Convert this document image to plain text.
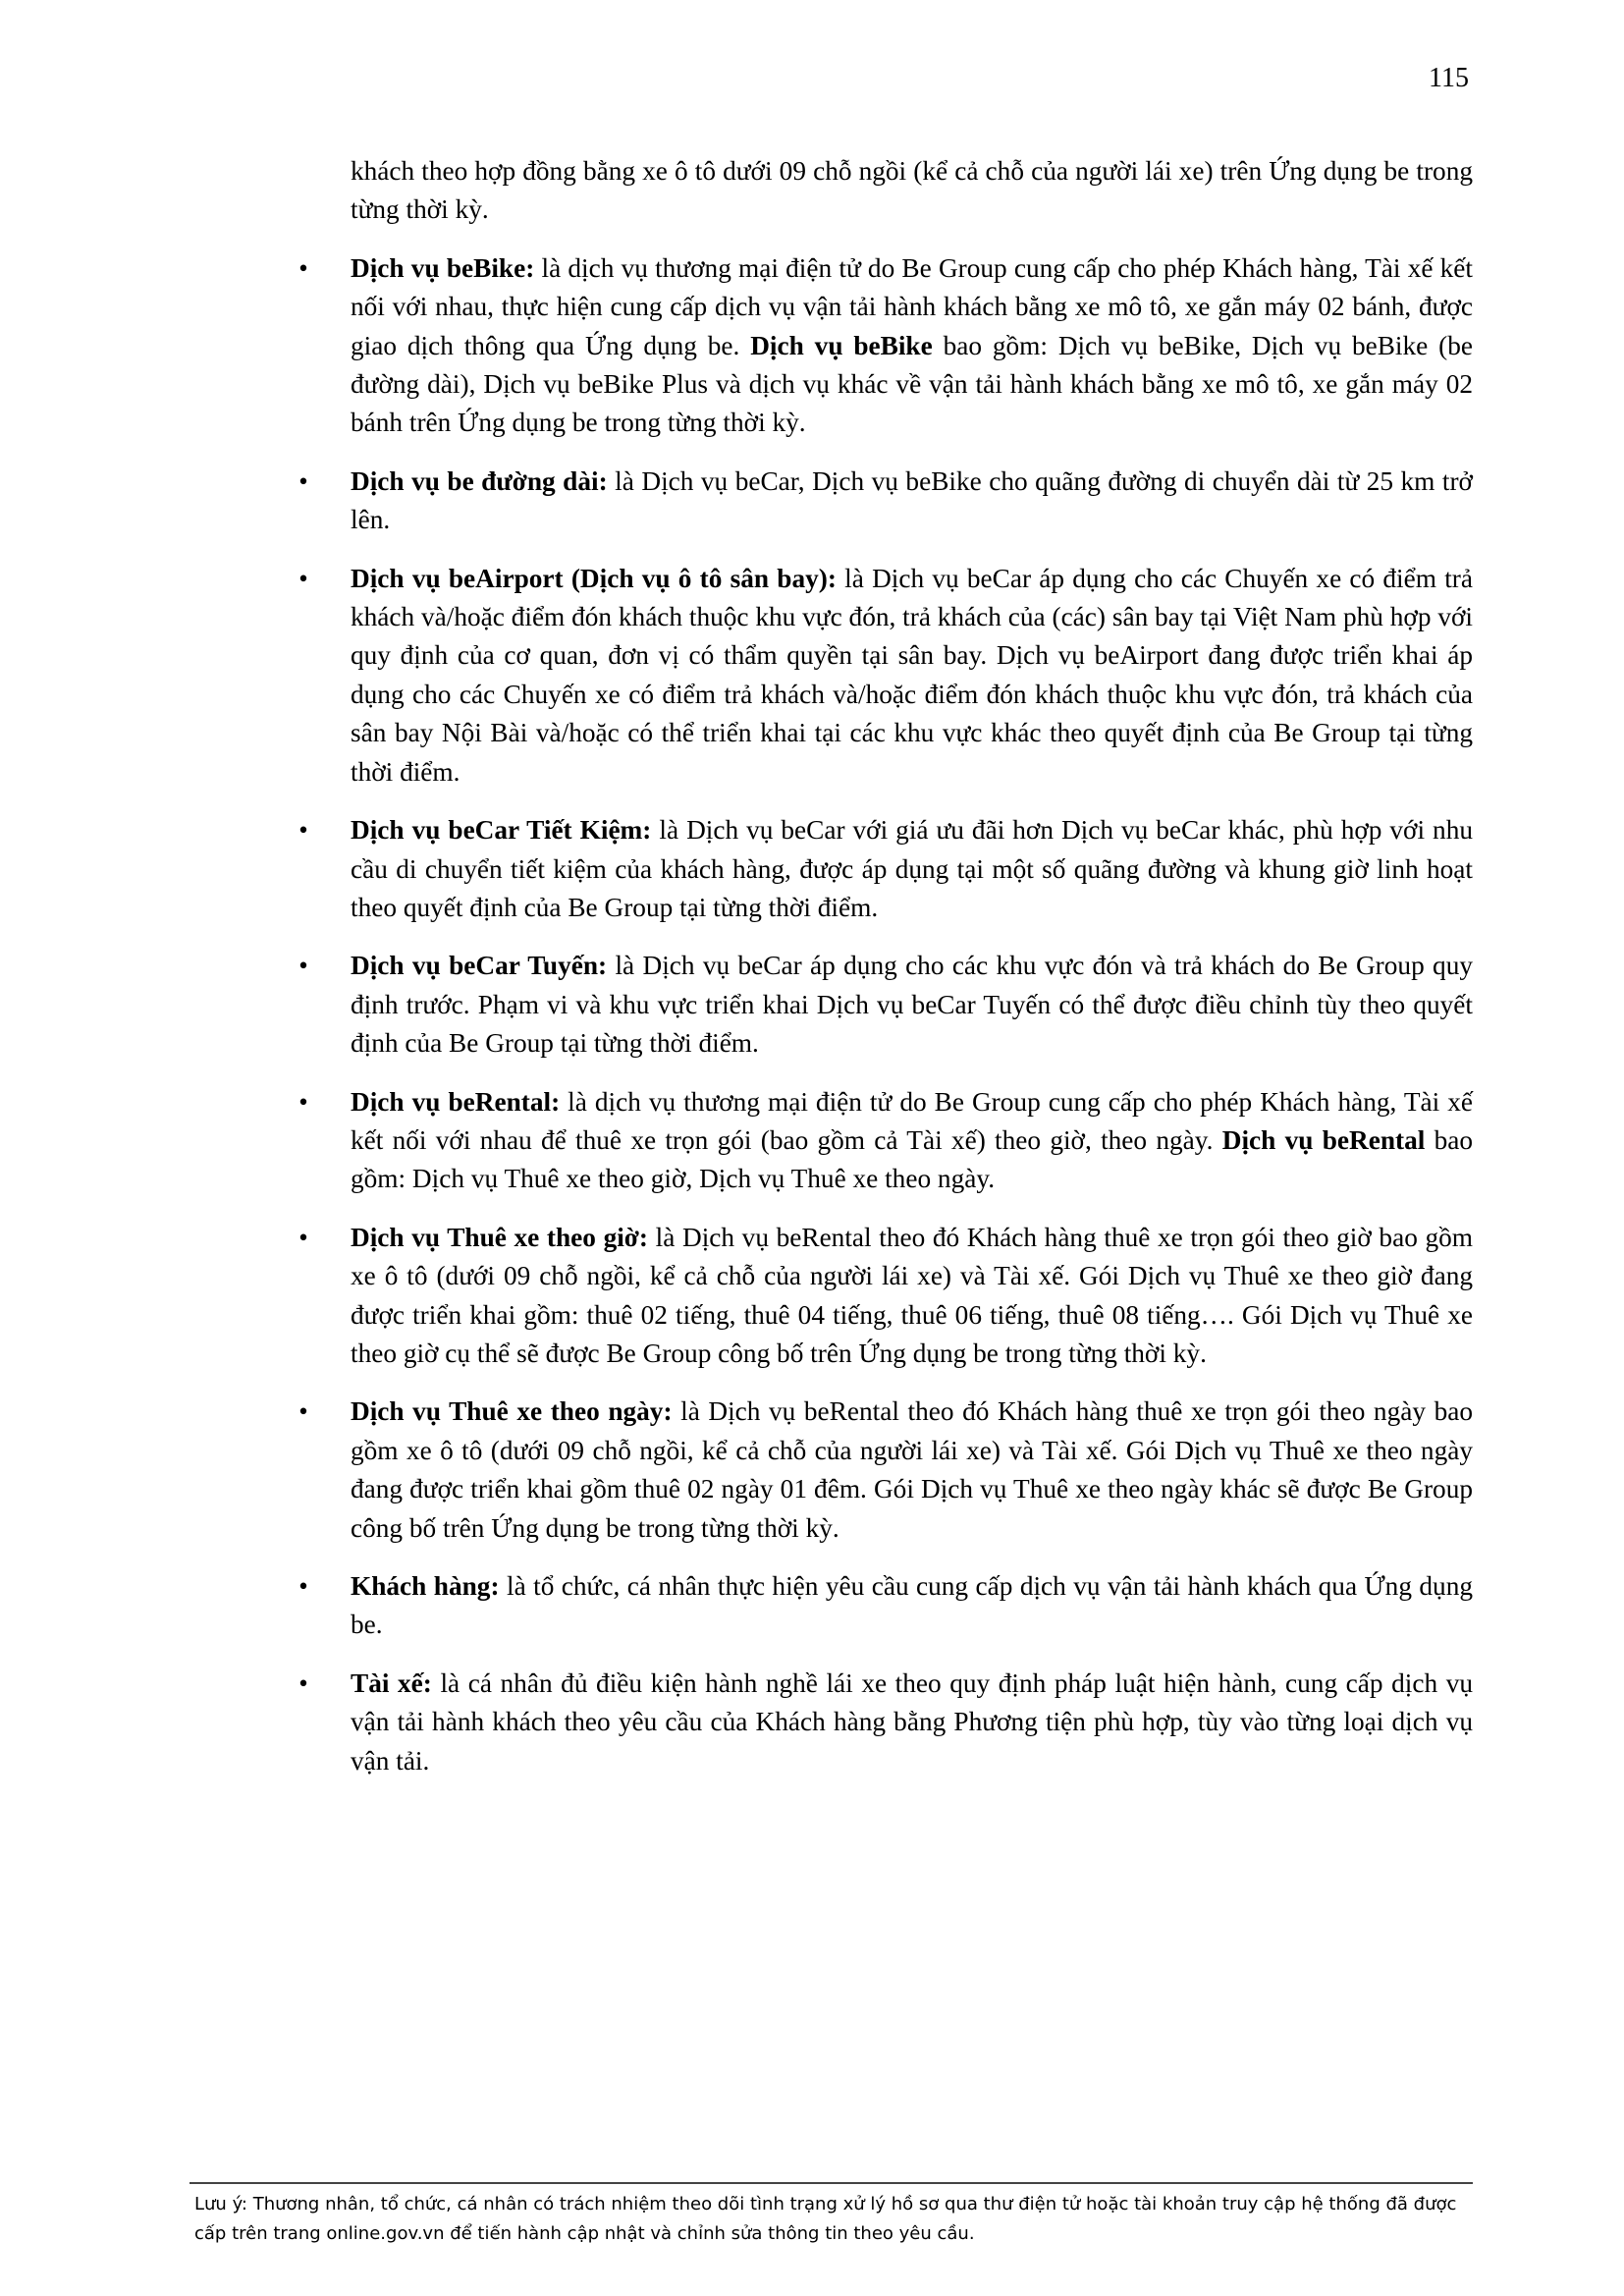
115

khách theo hợp đồng bằng xe ô tô dưới 09 chỗ ngồi (kể cả chỗ của người lái xe) trên Ứng dụng be trong từng thời kỳ.

• Dịch vụ beBike: là dịch vụ thương mại điện tử do Be Group cung cấp cho phép Khách hàng, Tài xế kết nối với nhau, thực hiện cung cấp dịch vụ vận tải hành khách bằng xe mô tô, xe gắn máy 02 bánh, được giao dịch thông qua Ứng dụng be. Dịch vụ beBike bao gồm: Dịch vụ beBike, Dịch vụ beBike (be đường dài), Dịch vụ beBike Plus và dịch vụ khác về vận tải hành khách bằng xe mô tô, xe gắn máy 02 bánh trên Ứng dụng be trong từng thời kỳ.
• Dịch vụ be đường dài: là Dịch vụ beCar, Dịch vụ beBike cho quãng đường di chuyển dài từ 25 km trở lên.
• Dịch vụ beAirport (Dịch vụ ô tô sân bay): là Dịch vụ beCar áp dụng cho các Chuyến xe có điểm trả khách và/hoặc điểm đón khách thuộc khu vực đón, trả khách của (các) sân bay tại Việt Nam phù hợp với quy định của cơ quan, đơn vị có thẩm quyền tại sân bay. Dịch vụ beAirport đang được triển khai áp dụng cho các Chuyến xe có điểm trả khách và/hoặc điểm đón khách thuộc khu vực đón, trả khách của sân bay Nội Bài và/hoặc có thể triển khai tại các khu vực khác theo quyết định của Be Group tại từng thời điểm.
• Dịch vụ beCar Tiết Kiệm: là Dịch vụ beCar với giá ưu đãi hơn Dịch vụ beCar khác, phù hợp với nhu cầu di chuyển tiết kiệm của khách hàng, được áp dụng tại một số quãng đường và khung giờ linh hoạt theo quyết định của Be Group tại từng thời điểm.
• Dịch vụ beCar Tuyến: là Dịch vụ beCar áp dụng cho các khu vực đón và trả khách do Be Group quy định trước. Phạm vi và khu vực triển khai Dịch vụ beCar Tuyến có thể được điều chỉnh tùy theo quyết định của Be Group tại từng thời điểm.
• Dịch vụ beRental: là dịch vụ thương mại điện tử do Be Group cung cấp cho phép Khách hàng, Tài xế kết nối với nhau để thuê xe trọn gói (bao gồm cả Tài xế) theo giờ, theo ngày. Dịch vụ beRental bao gồm: Dịch vụ Thuê xe theo giờ, Dịch vụ Thuê xe theo ngày.
• Dịch vụ Thuê xe theo giờ: là Dịch vụ beRental theo đó Khách hàng thuê xe trọn gói theo giờ bao gồm xe ô tô (dưới 09 chỗ ngồi, kể cả chỗ của người lái xe) và Tài xế. Gói Dịch vụ Thuê xe theo giờ đang được triển khai gồm: thuê 02 tiếng, thuê 04 tiếng, thuê 06 tiếng, thuê 08 tiếng…. Gói Dịch vụ Thuê xe theo giờ cụ thể sẽ được Be Group công bố trên Ứng dụng be trong từng thời kỳ.
• Dịch vụ Thuê xe theo ngày: là Dịch vụ beRental theo đó Khách hàng thuê xe trọn gói theo ngày bao gồm xe ô tô (dưới 09 chỗ ngồi, kể cả chỗ của người lái xe) và Tài xế. Gói Dịch vụ Thuê xe theo ngày đang được triển khai gồm thuê 02 ngày 01 đêm. Gói Dịch vụ Thuê xe theo ngày khác sẽ được Be Group công bố trên Ứng dụng be trong từng thời kỳ.
• Khách hàng: là tổ chức, cá nhân thực hiện yêu cầu cung cấp dịch vụ vận tải hành khách qua Ứng dụng be.
• Tài xế: là cá nhân đủ điều kiện hành nghề lái xe theo quy định pháp luật hiện hành, cung cấp dịch vụ vận tải hành khách theo yêu cầu của Khách hàng bằng Phương tiện phù hợp, tùy vào từng loại dịch vụ vận tải.
Lưu ý: Thương nhân, tổ chức, cá nhân có trách nhiệm theo dõi tình trạng xử lý hồ sơ qua thư điện tử hoặc tài khoản truy cập hệ thống đã được cấp trên trang online.gov.vn để tiến hành cập nhật và chỉnh sửa thông tin theo yêu cầu.
